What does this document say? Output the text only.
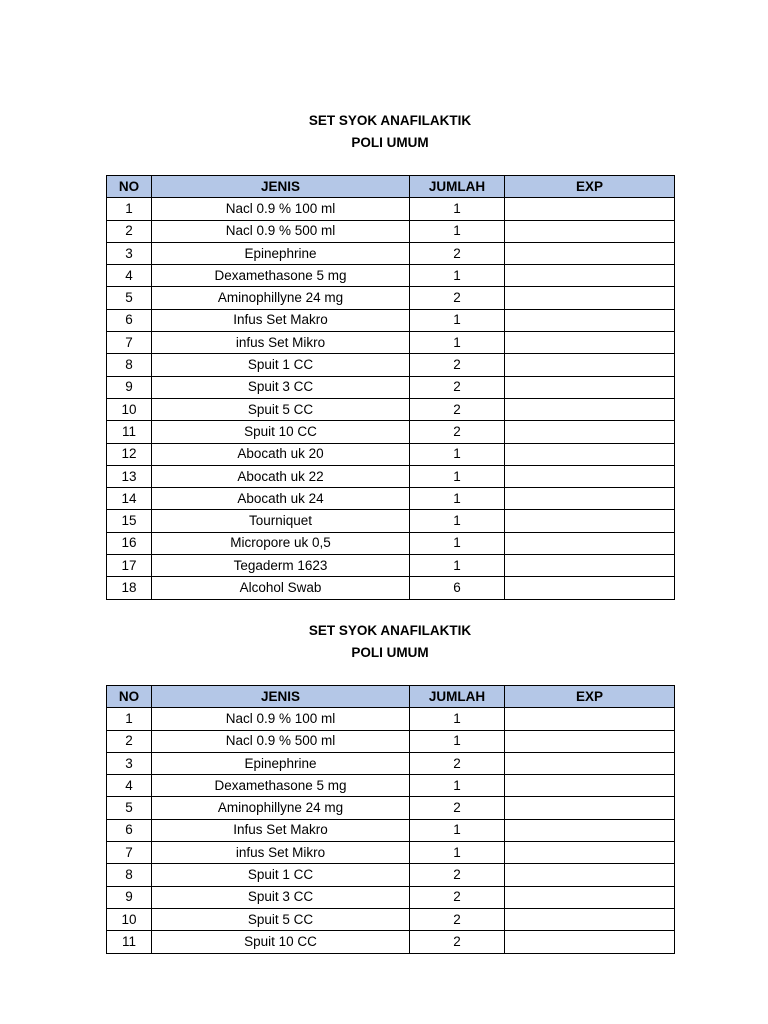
SET SYOK ANAFILAKTIK

POLI UMUM

NO	JENIS	JUMLAH	EXP
1	Nacl 0.9 % 100 ml	1	
2	Nacl 0.9 % 500 ml	1	
3	Epinephrine	2	
4	Dexamethasone 5 mg	1	
5	Aminophillyne 24 mg	2	
6	Infus Set Makro	1	
7	infus Set Mikro	1	
8	Spuit 1 CC	2	
9	Spuit 3 CC	2	
10	Spuit 5 CC	2	
11	Spuit 10 CC	2	
12	Abocath uk 20	1	
13	Abocath uk 22	1	
14	Abocath uk 24	1	
15	Tourniquet	1	
16	Micropore uk 0,5	1	
17	Tegaderm 1623	1	
18	Alcohol Swab	6	

SET SYOK ANAFILAKTIK

POLI UMUM

NO	JENIS	JUMLAH	EXP
1	Nacl 0.9 % 100 ml	1	
2	Nacl 0.9 % 500 ml	1	
3	Epinephrine	2	
4	Dexamethasone 5 mg	1	
5	Aminophillyne 24 mg	2	
6	Infus Set Makro	1	
7	infus Set Mikro	1	
8	Spuit 1 CC	2	
9	Spuit 3 CC	2	
10	Spuit 5 CC	2	
11	Spuit 10 CC	2	
